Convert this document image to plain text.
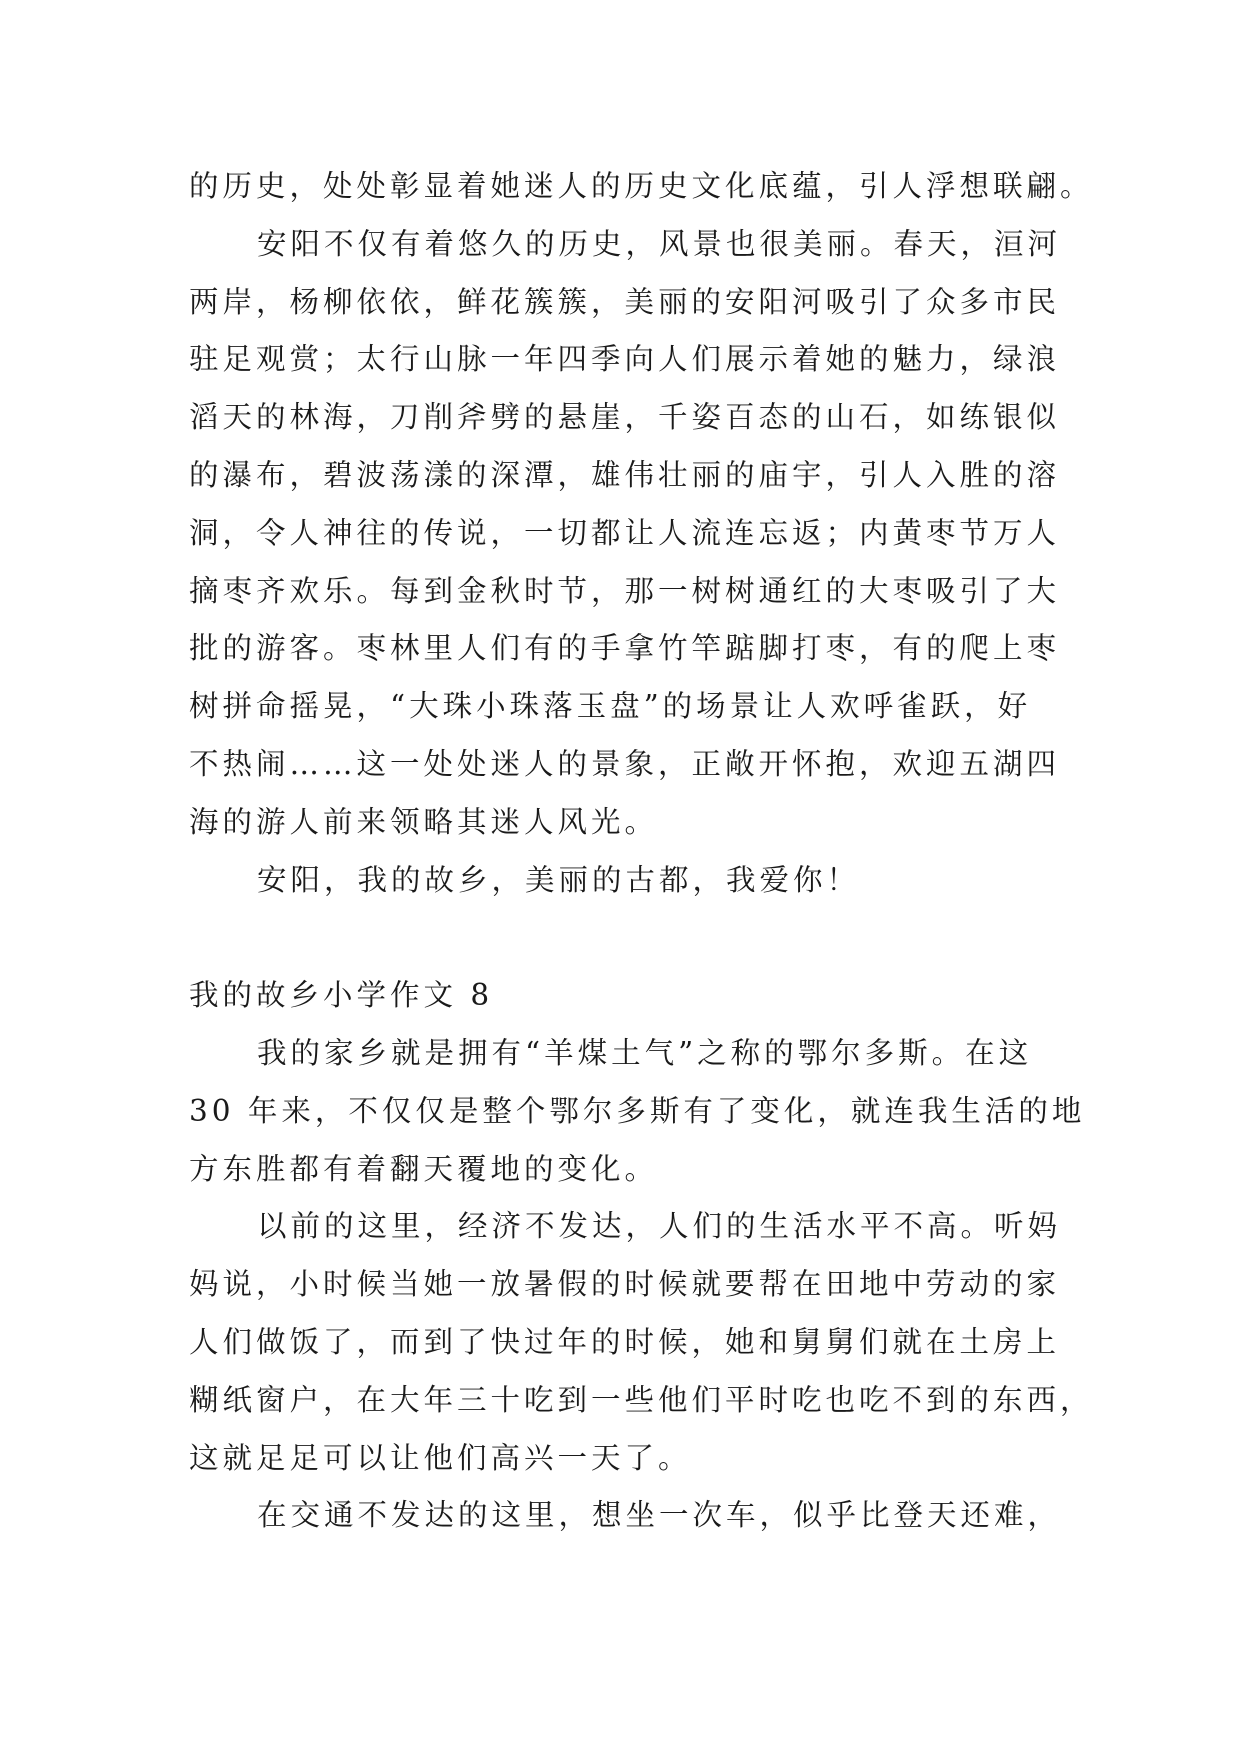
的历史，处处彰显着她迷人的历史文化底蕴，引人浮想联翩。
安阳不仅有着悠久的历史，风景也很美丽。春天，洹河
两岸，杨柳依依，鲜花簇簇，美丽的安阳河吸引了众多市民
驻足观赏；太行山脉一年四季向人们展示着她的魅力，绿浪
滔天的林海，刀削斧劈的悬崖，千姿百态的山石，如练银似
的瀑布，碧波荡漾的深潭，雄伟壮丽的庙宇，引人入胜的溶
洞，令人神往的传说，一切都让人流连忘返；内黄枣节万人
摘枣齐欢乐。每到金秋时节，那一树树通红的大枣吸引了大
批的游客。枣林里人们有的手拿竹竿踮脚打枣，有的爬上枣
树拼命摇晃，“大珠小珠落玉盘”的场景让人欢呼雀跃，好
不热闹……这一处处迷人的景象，正敞开怀抱，欢迎五湖四
海的游人前来领略其迷人风光。
安阳，我的故乡，美丽的古都，我爱你！
我的故乡小学作文 8
我的家乡就是拥有“羊煤土气”之称的鄂尔多斯。在这
30 年来，不仅仅是整个鄂尔多斯有了变化，就连我生活的地
方东胜都有着翻天覆地的变化。
以前的这里，经济不发达，人们的生活水平不高。听妈
妈说，小时候当她一放暑假的时候就要帮在田地中劳动的家
人们做饭了，而到了快过年的时候，她和舅舅们就在土房上
糊纸窗户，在大年三十吃到一些他们平时吃也吃不到的东西，
这就足足可以让他们高兴一天了。
在交通不发达的这里，想坐一次车，似乎比登天还难，
